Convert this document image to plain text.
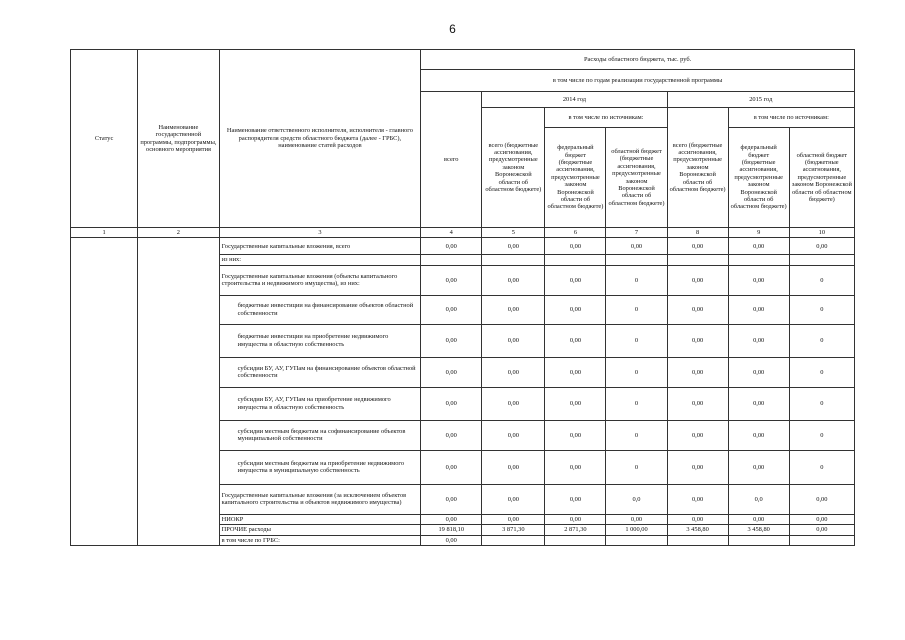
6
Статус	Наименование государственной программы, подпрограммы, основного мероприятия	Наименование ответственного исполнителя, исполнителя - главного распорядителя средств областного бюджета (далее - ГРБС), наименование статей расходов	Расходы областного бюджета, тыс. руб.						
			в том числе по годам реализации государственной программы						
			всего	2014 год			2015 год		
				всего (бюджетные ассигнования, предусмотренные законом Воронежской области об областном бюджете)	в том числе по источникам:		всего (бюджетные ассигнования, предусмотренные законом Воронежской области об областном бюджете)	в том числе по источникам:	
					федеральный бюджет (бюджетные ассигнования, предусмотренные законом Воронежской области об областном бюджете)	областной бюджет (бюджетные ассигнования, предусмотренные законом Воронежской области об областном бюджете)		федеральный бюджет (бюджетные ассигнования, предусмотренные законом Воронежской области об областном бюджете)	областной бюджет (бюджетные ассигнования, предусмотренные законом Воронежской области об областном бюджете)
1	2	3	4	5	6	7	8	9	10
		Государственные капитальные вложения, всего	0,00	0,00	0,00	0,00	0,00	0,00	0,00
		из них:							
		Государственные капитальные вложения (объекты капитального строительства и недвижимого имущества), из них:	0,00	0,00	0,00	0	0,00	0,00	0
		бюджетные инвестиции на финансирование объектов областной собственности	0,00	0,00	0,00	0	0,00	0,00	0
		бюджетные инвестиции на приобретение недвижимого имущества в областную собственность	0,00	0,00	0,00	0	0,00	0,00	0
		субсидии БУ, АУ, ГУПам на финансирование объектов областной собственности	0,00	0,00	0,00	0	0,00	0,00	0
		субсидии БУ, АУ, ГУПам на приобретение недвижимого имущества в областную собственность	0,00	0,00	0,00	0	0,00	0,00	0
		субсидии местным бюджетам на софинансирование объектов муниципальной собственности	0,00	0,00	0,00	0	0,00	0,00	0
		субсидии местным бюджетам на приобретение недвижимого имущества в муниципальную собственность	0,00	0,00	0,00	0	0,00	0,00	0
		Государственные капитальные вложения (за исключением объектов капитального строительства и объектов недвижимого имущества)	0,00	0,00	0,00	0,0	0,00	0,0	0,00
		НИОКР	0,00	0,00	0,00	0,00	0,00	0,00	0,00
		ПРОЧИЕ расходы	19 818,10	3 871,30	2 871,30	1 000,00	3 458,80	3 458,80	0,00
		в том числе по ГРБС:	0,00						
